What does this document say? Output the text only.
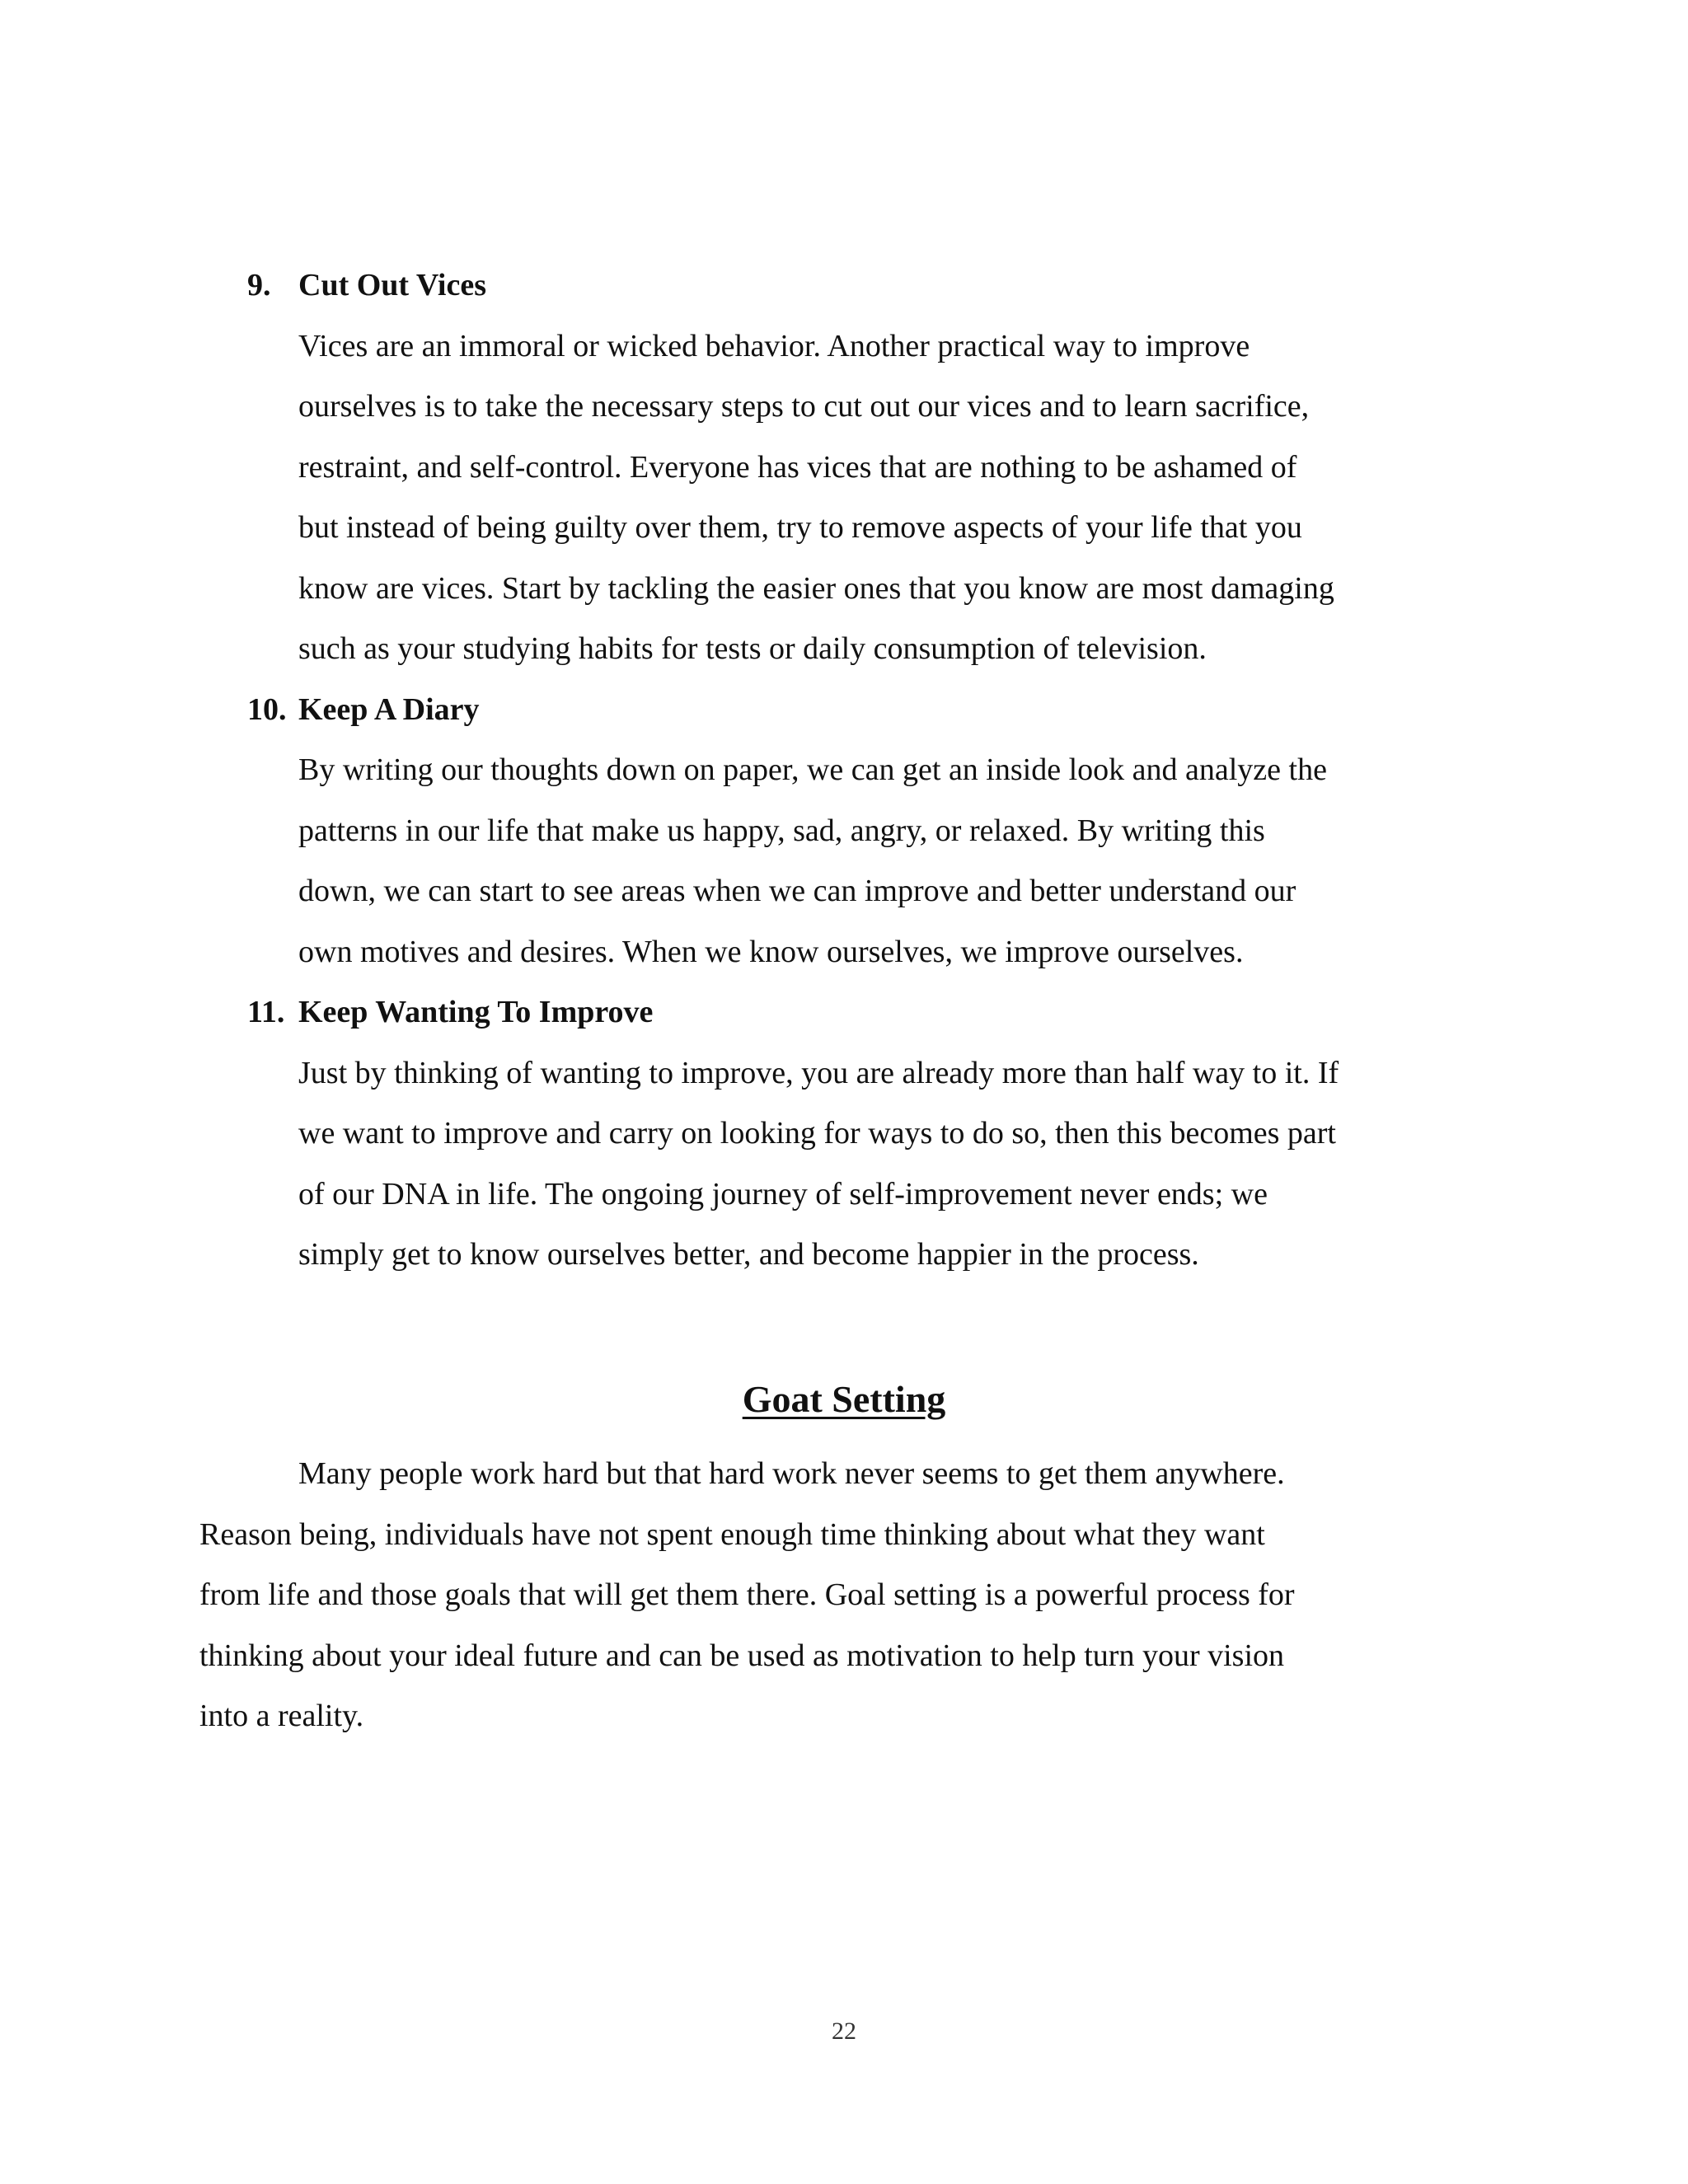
9. Cut Out Vices
Vices are an immoral or wicked behavior. Another practical way to improve
ourselves is to take the necessary steps to cut out our vices and to learn sacrifice,
restraint, and self-control. Everyone has vices that are nothing to be ashamed of
but instead of being guilty over them, try to remove aspects of your life that you
know are vices. Start by tackling the easier ones that you know are most damaging
such as your studying habits for tests or daily consumption of television.
10. Keep A Diary
By writing our thoughts down on paper, we can get an inside look and analyze the
patterns in our life that make us happy, sad, angry, or relaxed. By writing this
down, we can start to see areas when we can improve and better understand our
own motives and desires. When we know ourselves, we improve ourselves.
11. Keep Wanting To Improve
Just by thinking of wanting to improve, you are already more than half way to it. If
we want to improve and carry on looking for ways to do so, then this becomes part
of our DNA in life. The ongoing journey of self-improvement never ends; we
simply get to know ourselves better, and become happier in the process.
Goat Setting
Many people work hard but that hard work never seems to get them anywhere.
Reason being, individuals have not spent enough time thinking about what they want
from life and those goals that will get them there. Goal setting is a powerful process for
thinking about your ideal future and can be used as motivation to help turn your vision
into a reality.
22
